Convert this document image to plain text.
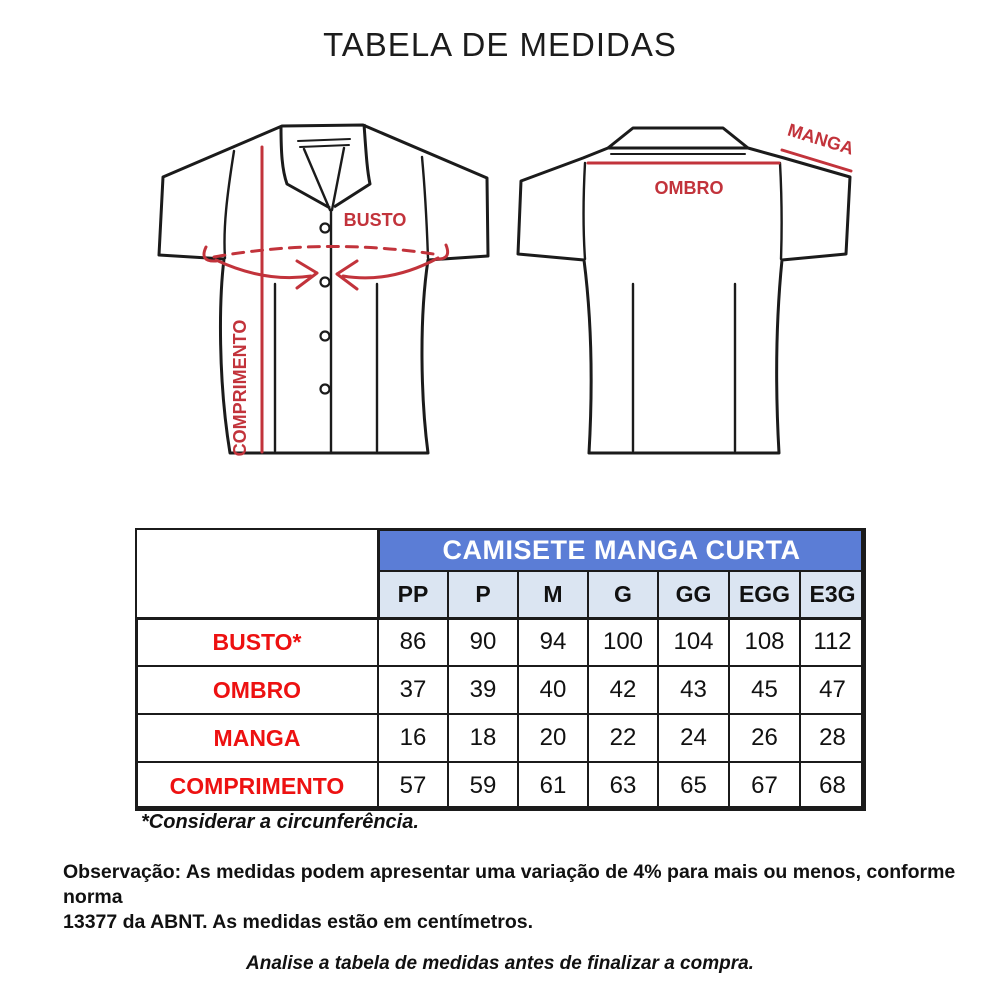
TABELA DE MEDIDAS
BUSTO
COMPRIMENTO
OMBRO
MANGA
	CAMISETE MANGA CURTA						
	PP	P	M	G	GG	EGG	E3G
BUSTO*	86	90	94	100	104	108	112
OMBRO	37	39	40	42	43	45	47
MANGA	16	18	20	22	24	26	28
COMPRIMENTO	57	59	61	63	65	67	68
*Considerar a circunferência.
Observação: As medidas podem apresentar uma variação de 4% para mais ou menos, conforme norma
13377 da ABNT. As medidas estão em centímetros.
Analise a tabela de medidas antes de finalizar a compra.
